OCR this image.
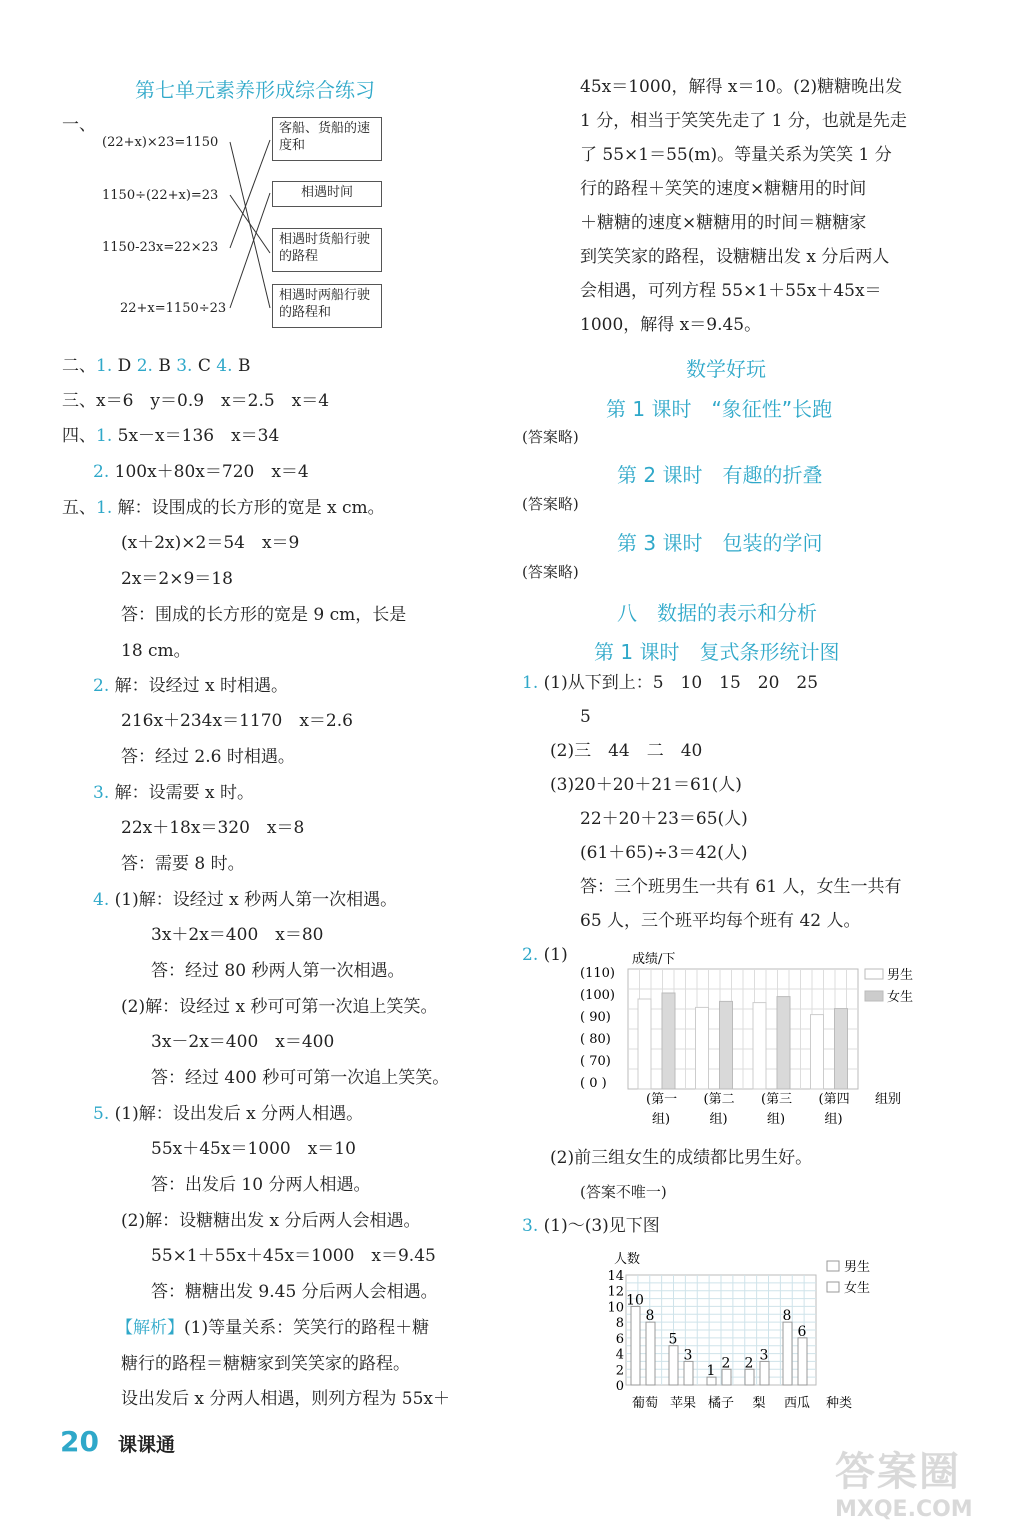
第七单元素养形成综合练习
一、
(22+x)×23=1150
1150÷(22+x)=23
1150-23x=22×23
22+x=1150÷23
客船、货船的速度和
相遇时间
相遇时货船行驶的路程
相遇时两船行驶的路程和
二、1. D 2. B 3. C 4. B
三、x＝6　y＝0.9　x＝2.5　x＝4
四、1. 5x－x＝136　x＝34
2. 100x＋80x＝720　x＝4
五、1. 解：设围成的长方形的宽是 x cm。
(x＋2x)×2＝54　x＝9
2x＝2×9＝18
答：围成的长方形的宽是 9 cm，长是
18 cm。
2. 解：设经过 x 时相遇。
216x＋234x＝1170　x＝2.6
答：经过 2.6 时相遇。
3. 解：设需要 x 时。
22x＋18x＝320　x＝8
答：需要 8 时。
4. (1)解：设经过 x 秒两人第一次相遇。
3x＋2x＝400　x＝80
答：经过 80 秒两人第一次相遇。
(2)解：设经过 x 秒可可第一次追上笑笑。
3x－2x＝400　x＝400
答：经过 400 秒可可第一次追上笑笑。
5. (1)解：设出发后 x 分两人相遇。
55x＋45x＝1000　x＝10
答：出发后 10 分两人相遇。
(2)解：设糖糖出发 x 分后两人会相遇。
55×1＋55x＋45x＝1000　x＝9.45
答：糖糖出发 9.45 分后两人会相遇。
【解析】(1)等量关系：笑笑行的路程＋糖
糖行的路程＝糖糖家到笑笑家的路程。
设出发后 x 分两人相遇，则列方程为 55x＋
45x＝1000，解得 x＝10。(2)糖糖晚出发
1 分，相当于笑笑先走了 1 分，也就是先走
了 55×1＝55(m)。等量关系为笑笑 1 分
行的路程＋笑笑的速度×糖糖用的时间
＋糖糖的速度×糖糖用的时间＝糖糖家
到笑笑家的路程，设糖糖出发 x 分后两人
会相遇，可列方程 55×1＋55x＋45x＝
1000，解得 x＝9.45。
数学好玩
第 1 课时　“象征性”长跑
(答案略)
第 2 课时　有趣的折叠
(答案略)
第 3 课时　包装的学问
(答案略)
八　数据的表示和分析
第 1 课时　复式条形统计图
1. (1)从下到上：5　10　15　20　25
5
(2)三　44　二　40
(3)20＋20＋21＝61(人)
22＋20＋23＝65(人)
(61＋65)÷3＝42(人)
答：三个班男生一共有 61 人，女生一共有
65 人，三个班平均每个班有 42 人。
2. (1)	成绩/下
(110)
(100)
( 90)
( 80)
( 70)
( 0 )
(第一
组)
(第二
组)
(第三
组)
(第四
组)
组别
男生
女生
(2)前三组女生的成绩都比男生好。
(答案不唯一)
3. (1)～(3)见下图
人数
14
12
10
8
6
4
2
0
10
8
5
3
1 2 2 3
8
6
葡萄 苹果 橘子 梨 西瓜 种类
男生
女生
20 课课通
答案圈
MXQE.COM
